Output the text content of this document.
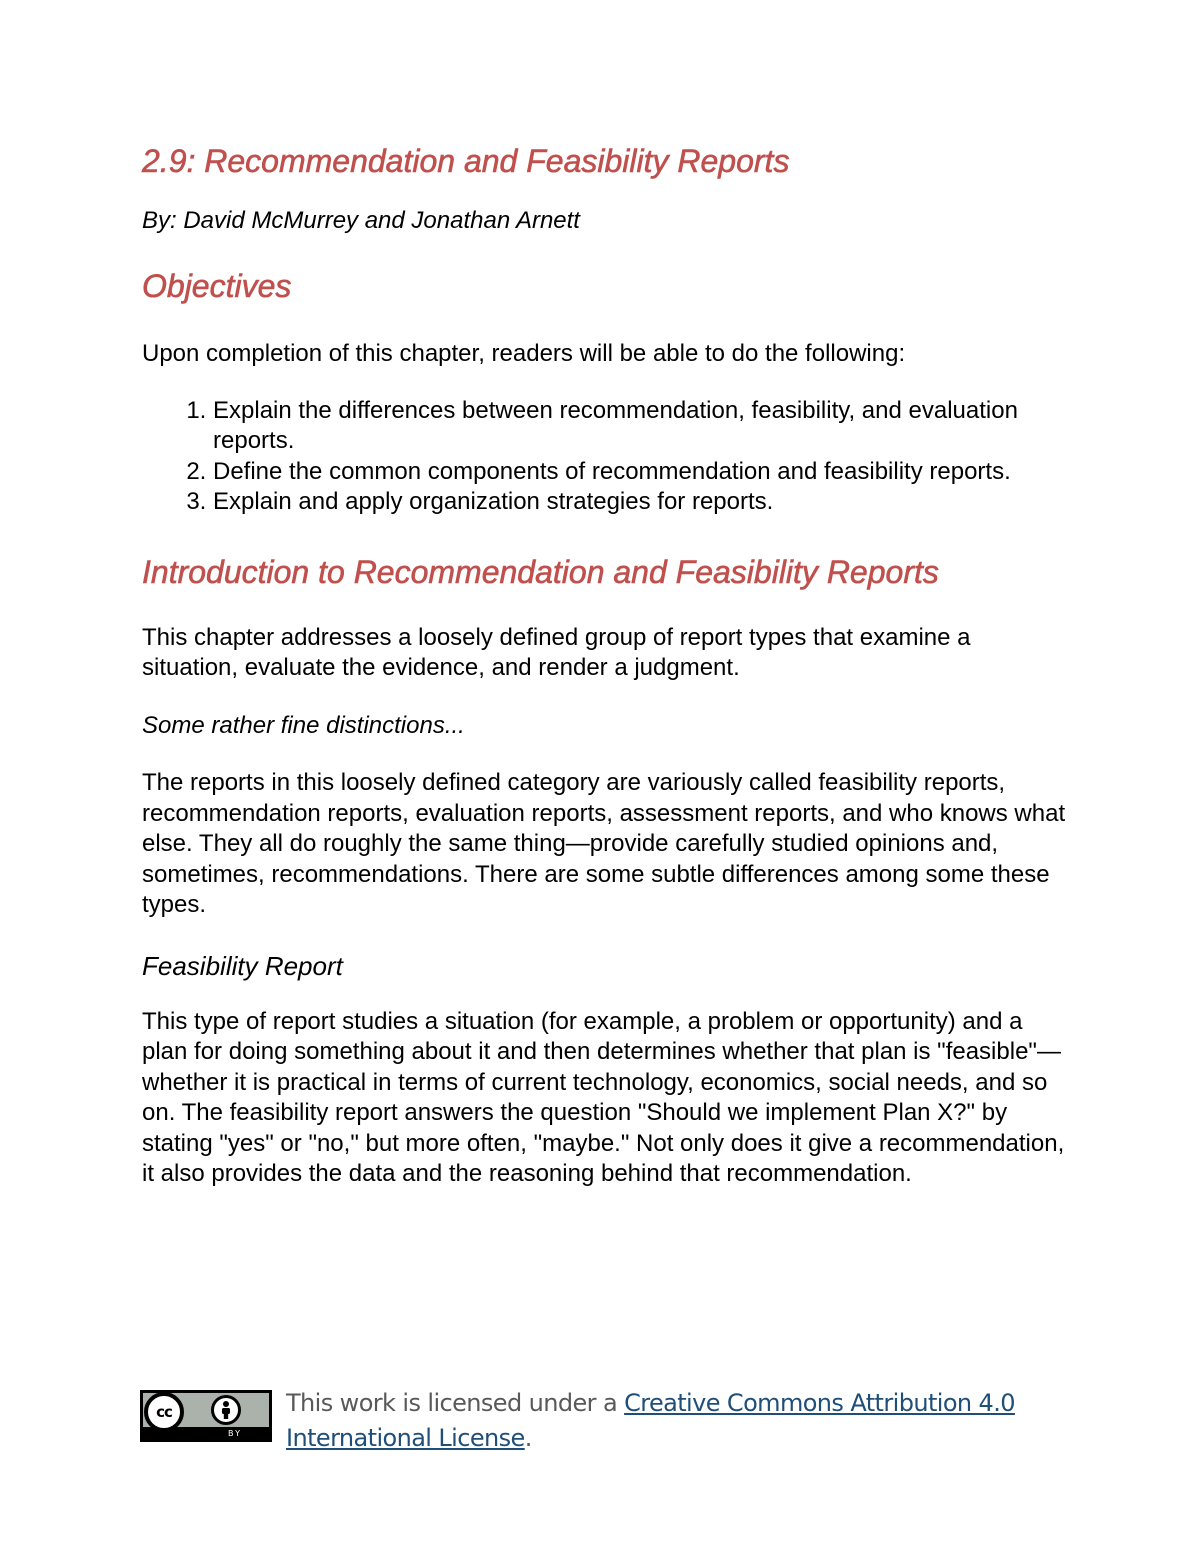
2.9: Recommendation and Feasibility Reports

By: David McMurrey and Jonathan Arnett

Objectives

Upon completion of this chapter, readers will be able to do the following:

1. Explain the differences between recommendation, feasibility, and evaluation reports.
2. Define the common components of recommendation and feasibility reports.
3. Explain and apply organization strategies for reports.
Introduction to Recommendation and Feasibility Reports

This chapter addresses a loosely defined group of report types that examine a situation, evaluate the evidence, and render a judgment.

Some rather fine distinctions...

The reports in this loosely defined category are variously called feasibility reports, recommendation reports, evaluation reports, assessment reports, and who knows what else. They all do roughly the same thing—provide carefully studied opinions and, sometimes, recommendations. There are some subtle differences among some these types.

Feasibility Report

This type of report studies a situation (for example, a problem or opportunity) and a plan for doing something about it and then determines whether that plan is "feasible"—whether it is practical in terms of current technology, economics, social needs, and so on. The feasibility report answers the question "Should we implement Plan X?" by stating "yes" or "no," but more often, "maybe." Not only does it give a recommendation, it also provides the data and the reasoning behind that recommendation.

cc
BY
This work is licensed under a Creative Commons Attribution 4.0 International License.
